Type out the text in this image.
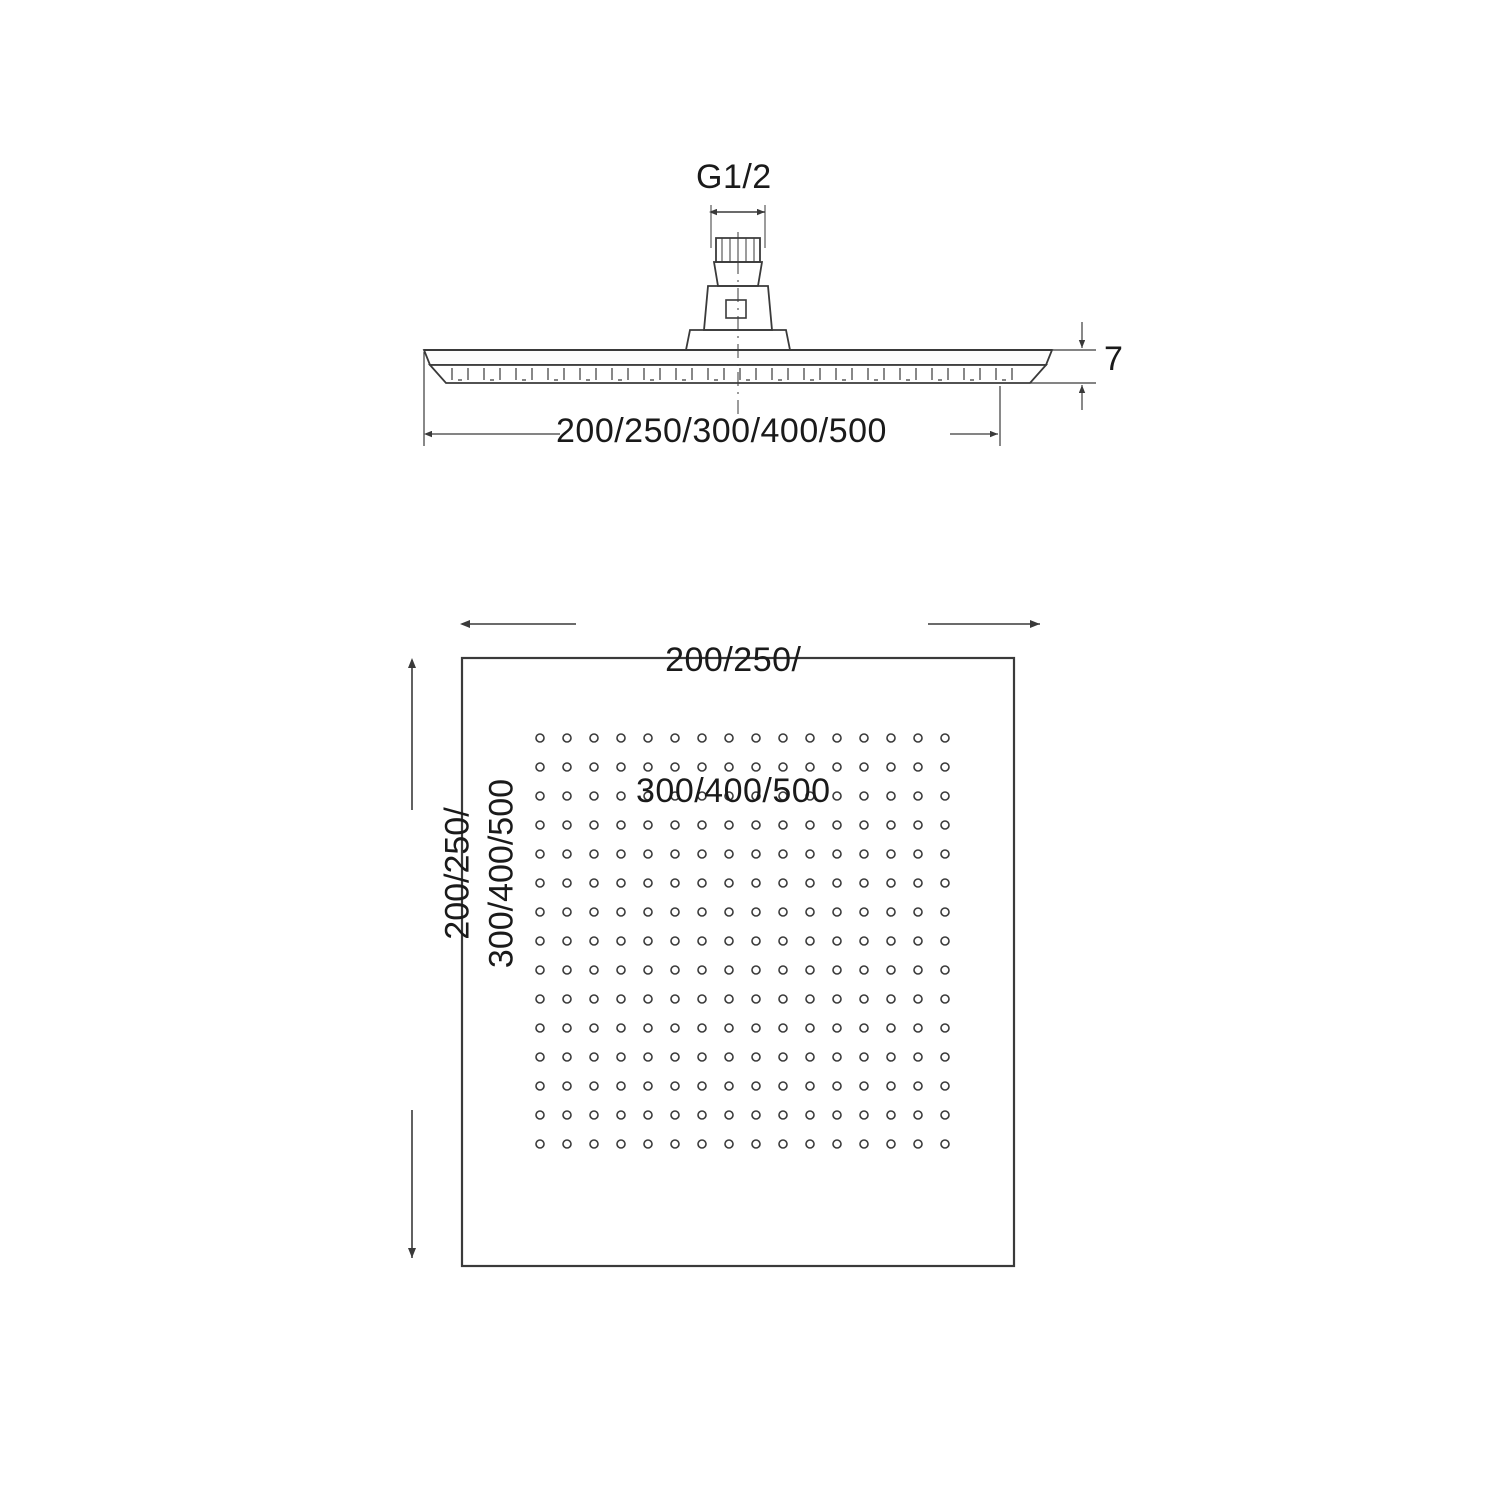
G1/2
7
200/250/300/400/500

200/250/

300/400/500

200/250/ 300/400/500
